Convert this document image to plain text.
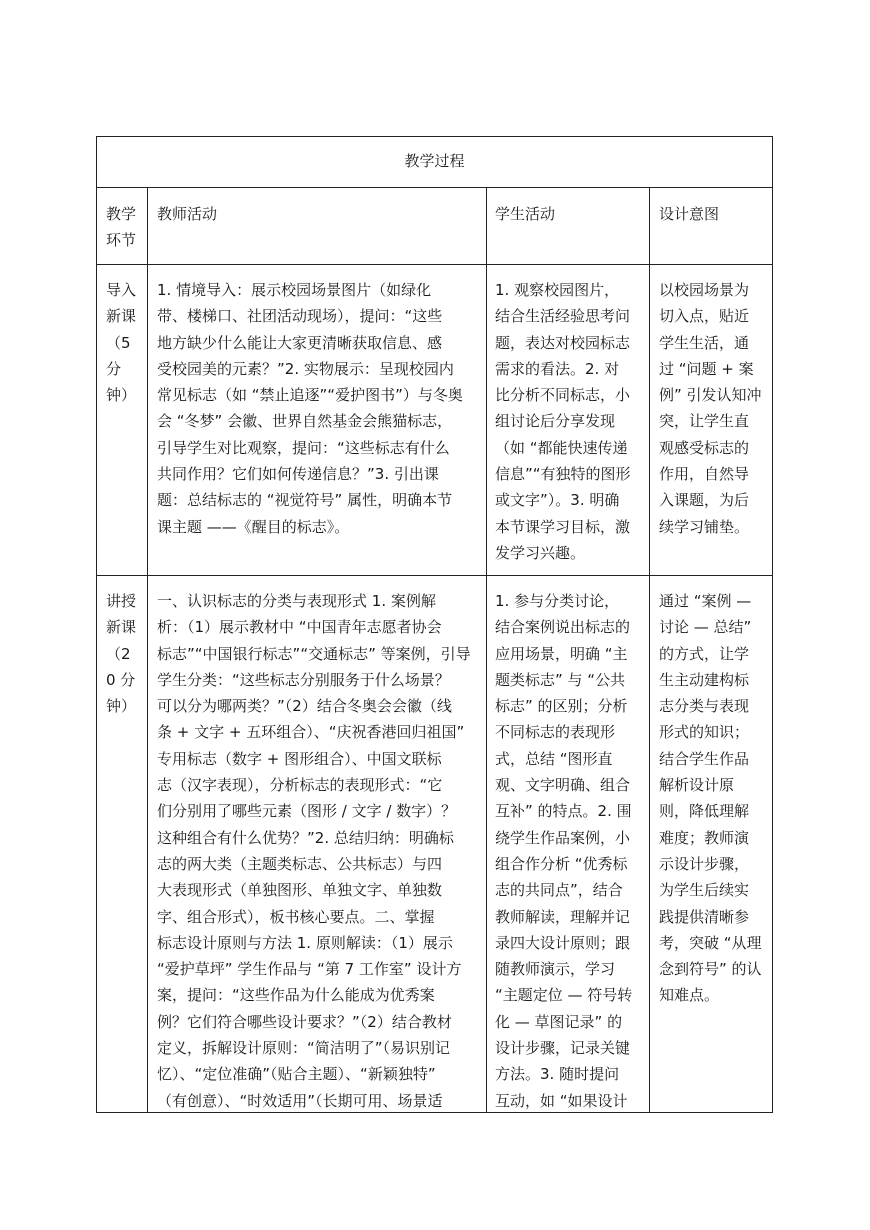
教学过程
教学
环节
教师活动	学生活动	设计意图
导入
新课
（5
分
钟）
1. 情境导入：展示校园场景图片（如绿化
带、楼梯口、社团活动现场），提问：“这些
地方缺少什么能让大家更清晰获取信息、感
受校园美的元素？”2. 实物展示：呈现校园内
常见标志（如 “禁止追逐”“爱护图书”）与冬奥
会 “冬梦” 会徽、世界自然基金会熊猫标志，
引导学生对比观察，提问：“这些标志有什么
共同作用？它们如何传递信息？”3. 引出课
题：总结标志的 “视觉符号” 属性，明确本节
课主题 ——《醒目的标志》。
1. 观察校园图片，
结合生活经验思考问
题，表达对校园标志
需求的看法。2. 对
比分析不同标志，小
组讨论后分享发现
（如 “都能快速传递
信息”“有独特的图形
或文字”）。3. 明确
本节课学习目标，激
发学习兴趣。
以校园场景为
切入点，贴近
学生生活，通
过 “问题 + 案
例” 引发认知冲
突，让学生直
观感受标志的
作用，自然导
入课题，为后
续学习铺垫。
讲授
新课
（2
0 分
钟）
一、认识标志的分类与表现形式 1. 案例解
析：（1）展示教材中 “中国青年志愿者协会
标志”“中国银行标志”“交通标志” 等案例，引导
学生分类：“这些标志分别服务于什么场景？
可以分为哪两类？”（2）结合冬奥会会徽（线
条 + 文字 + 五环组合）、“庆祝香港回归祖国”
专用标志（数字 + 图形组合）、中国文联标
志（汉字表现），分析标志的表现形式：“它
们分别用了哪些元素（图形 / 文字 / 数字）？
这种组合有什么优势？”2. 总结归纳：明确标
志的两大类（主题类标志、公共标志）与四
大表现形式（单独图形、单独文字、单独数
字、组合形式），板书核心要点。二、掌握
标志设计原则与方法 1. 原则解读：（1）展示
“爱护草坪” 学生作品与 “第 7 工作室” 设计方
案，提问：“这些作品为什么能成为优秀案
例？它们符合哪些设计要求？”（2）结合教材
定义，拆解设计原则：“简洁明了”（易识别记
忆）、“定位准确”（贴合主题）、“新颖独特”
（有创意）、“时效适用”（长期可用、场景适
1. 参与分类讨论，
结合案例说出标志的
应用场景，明确 “主
题类标志” 与 “公共
标志” 的区别；分析
不同标志的表现形
式，总结 “图形直
观、文字明确、组合
互补” 的特点。2. 围
绕学生作品案例，小
组合作分析 “优秀标
志的共同点”，结合
教师解读，理解并记
录四大设计原则；跟
随教师演示，学习
“主题定位 — 符号转
化 — 草图记录” 的
设计步骤，记录关键
方法。3. 随时提问
互动，如 “如果设计
通过 “案例 —
讨论 — 总结”
的方式，让学
生主动建构标
志分类与表现
形式的知识；
结合学生作品
解析设计原
则，降低理解
难度；教师演
示设计步骤，
为学生后续实
践提供清晰参
考，突破 “从理
念到符号” 的认
知难点。
